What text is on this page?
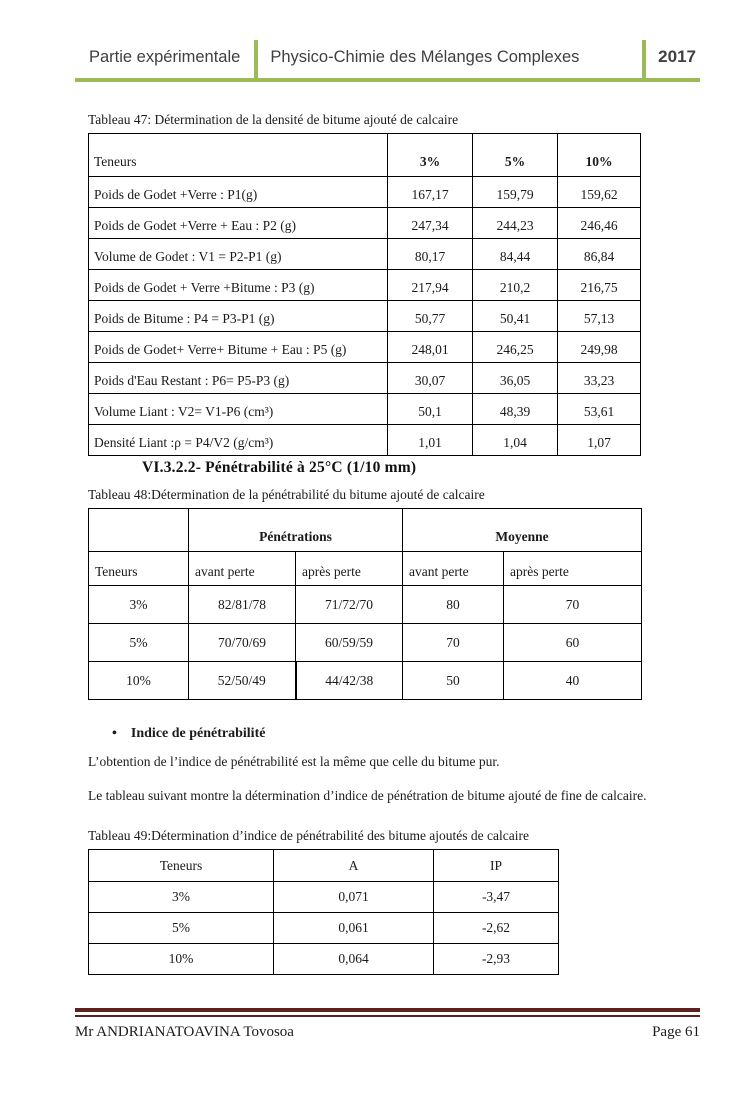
Partie expérimentale	Physico-Chimie des Mélanges Complexes	2017
Tableau 47: Détermination de la densité de bitume ajouté de calcaire
Teneurs	3%	5%	10%
Poids de Godet +Verre : P1(g)	167,17	159,79	159,62
Poids de Godet +Verre + Eau : P2 (g)	247,34	244,23	246,46
Volume de Godet : V1 = P2-P1 (g)	80,17	84,44	86,84
Poids de Godet + Verre +Bitume : P3 (g)	217,94	210,2	216,75
Poids de Bitume : P4 = P3-P1 (g)	50,77	50,41	57,13
Poids de Godet+ Verre+ Bitume + Eau : P5 (g)	248,01	246,25	249,98
Poids d'Eau Restant : P6= P5-P3 (g)	30,07	36,05	33,23
Volume Liant : V2= V1-P6 (cm³)	50,1	48,39	53,61
Densité Liant :ρ = P4/V2 (g/cm³)	1,01	1,04	1,07
VI.3.2.2- Pénétrabilité à 25°C (1/10 mm)
Tableau 48:Détermination de la pénétrabilité du bitume ajouté de calcaire
	Pénétrations		Moyenne	
Teneurs	avant perte	après perte	avant perte	après perte
3%	82/81/78	71/72/70	80	70
5%	70/70/69	60/59/59	70	60
10%	52/50/49	44/42/38	50	40
• Indice de pénétrabilité

L’obtention de l’indice de pénétrabilité est la même que celle du bitume pur.

Le tableau suivant montre la détermination d’indice de pénétration de bitume ajouté de fine de calcaire.

Tableau 49:Détermination d’indice de pénétrabilité des bitume ajoutés de calcaire
Teneurs	A	IP
3%	0,071	-3,47
5%	0,061	-2,62
10%	0,064	-2,93
Mr ANDRIANATOAVINA Tovosoa	Page 61
